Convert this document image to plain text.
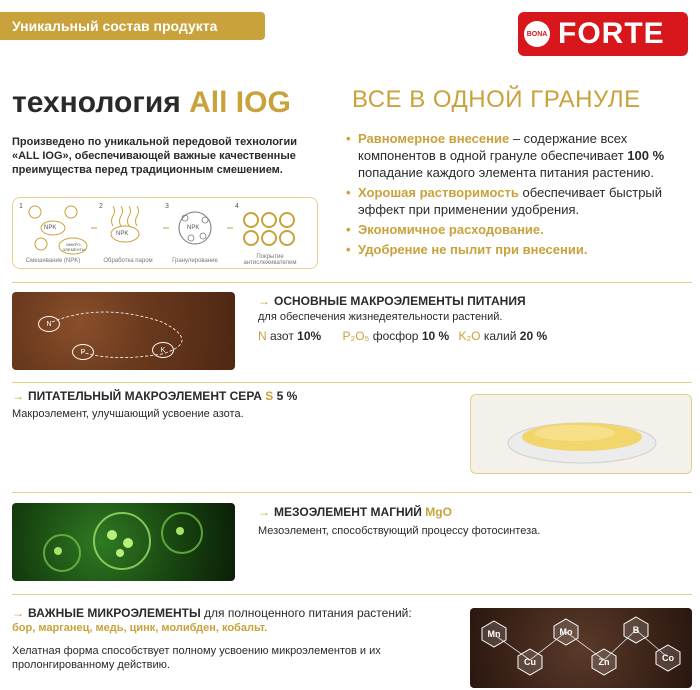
Уникальный состав продукта	BONA FORTE
технология All IOG
Произведено по уникальной передовой технологии «ALL IOG», обеспечивающей важные качественные преимущества перед традиционным смешением.
1	2	3	4
NPK
NPK
NPK
МИКРО-ЭЛЕМЕНТЫ
Смешивание (NPK)	Обработка паром	Гранулирование
Покрытие антислеживателем
ВСЕ В ОДНОЙ ГРАНУЛЕ
• Равномерное внесение – содержание всех компонентов в одной грануле обеспечивает 100 % попадание каждого элемента питания растению.
• Хорошая растворимость обеспечивает быстрый эффект при применении удобрения.
• Экономичное расходование.
• Удобрение не пылит при внесении.
N
P	K
→ ОСНОВНЫЕ МАКРОЭЛЕМЕНТЫ ПИТАНИЯ
для обеспечения жизнедеятельности растений.
N азот 10% P₂O₅ фосфор 10 % K₂O калий 20 %
→ ПИТАТЕЛЬНЫЙ МАКРОЭЛЕМЕНТ СЕРА S 5 %
Макроэлемент, улучшающий усвоение азота.
→ МЕЗОЭЛЕМЕНТ МАГНИЙ MgO
Мезоэлемент, способствующий процессу фотосинтеза.
→ ВАЖНЫЕ МИКРОЭЛЕМЕНТЫ для полноценного питания растений:
бор, марганец, медь, цинк, молибден, кобальт.
Хелатная форма способствует полному усвоению микроэлементов и их пролонгированному действию.
Mn	Mo	B
Cu	Zn	Co
